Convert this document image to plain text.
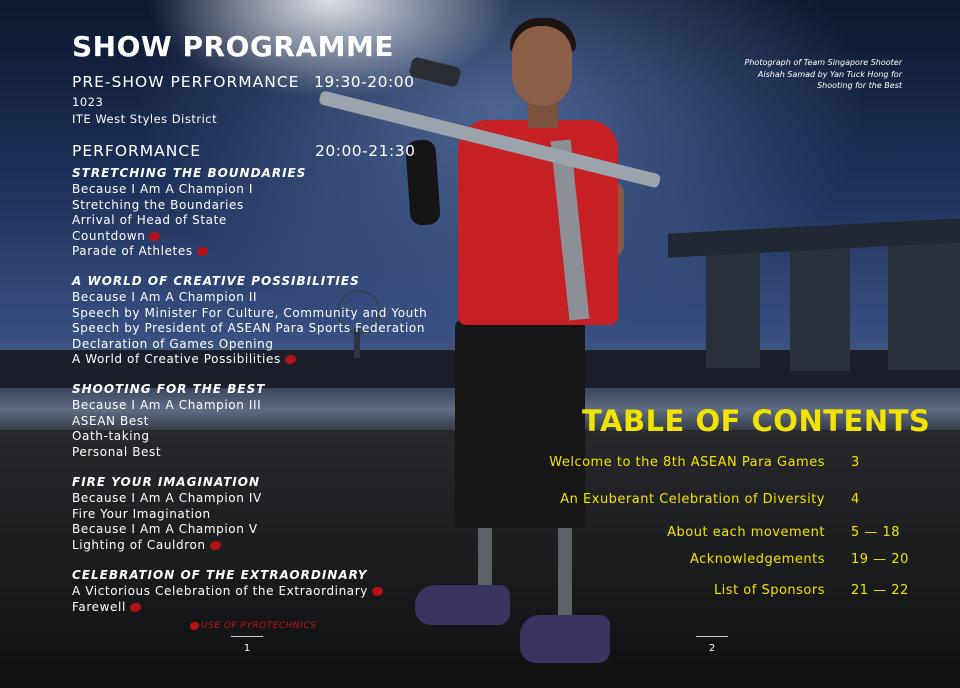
SHOW PROGRAMME
PRE-SHOW PERFORMANCE 19:30-20:00
1023
ITE West Styles District
PERFORMANCE	20:00-21:30
STRETCHING THE BOUNDARIES
Because I Am A Champion I
Stretching the Boundaries
Arrival of Head of State
Countdown
Parade of Athletes
A WORLD OF CREATIVE POSSIBILITIES
Because I Am A Champion II
Speech by Minister For Culture, Community and Youth
Speech by President of ASEAN Para Sports Federation
Declaration of Games Opening
A World of Creative Possibilities
SHOOTING FOR THE BEST
Because I Am A Champion III
ASEAN Best
Oath-taking
Personal Best
FIRE YOUR IMAGINATION
Because I Am A Champion IV
Fire Your Imagination
Because I Am A Champion V
Lighting of Cauldron
CELEBRATION OF THE EXTRAORDINARY
A Victorious Celebration of the Extraordinary
Farewell
USE OF PYROTECHNICS
1
Photograph of Team Singapore Shooter Aishah Samad by Yan Tuck Hong for Shooting for the Best
TABLE OF CONTENTS
Welcome to the 8th ASEAN Para Games 3
An Exuberant Celebration of Diversity 4
About each movement 5 — 18
Acknowledgements 19 — 20
List of Sponsors 21 — 22
2
